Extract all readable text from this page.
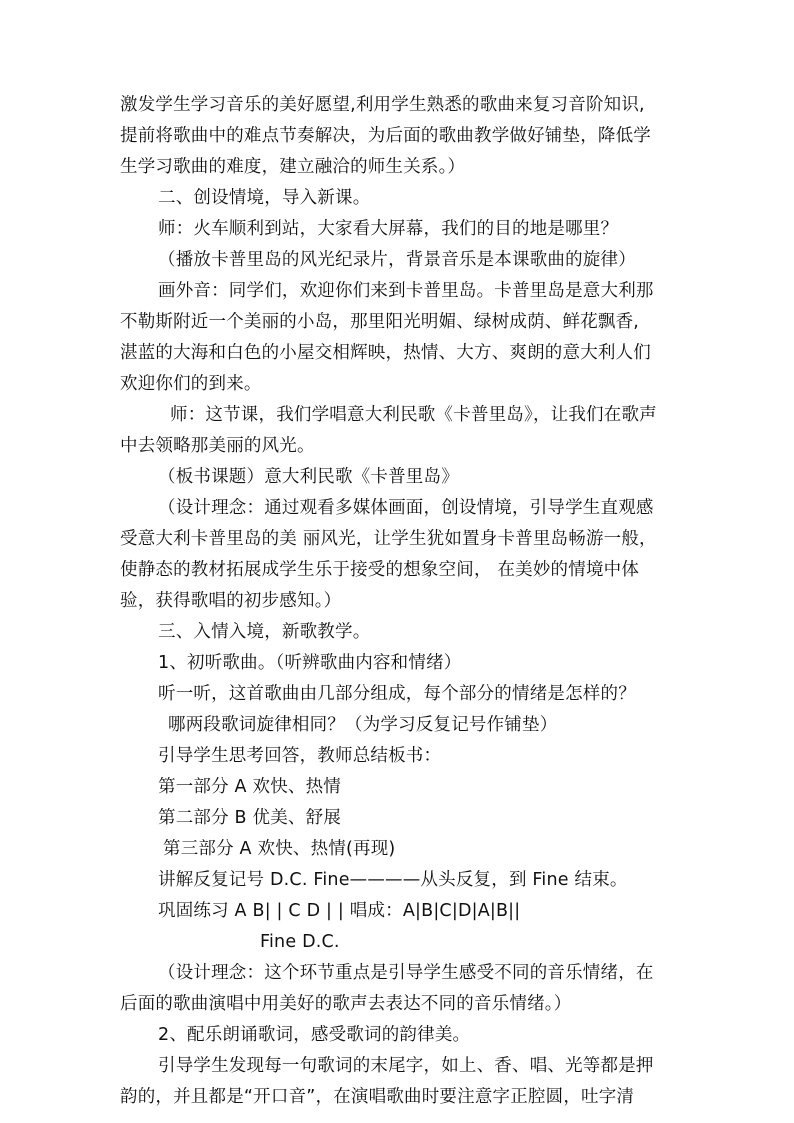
激发学生学习音乐的美好愿望,利用学生熟悉的歌曲来复习音阶知识,
提前将歌曲中的难点节奏解决，为后面的歌曲教学做好铺垫，降低学
生学习歌曲的难度，建立融洽的师生关系。）
二、创设情境，导入新课。
师：火车顺利到站，大家看大屏幕，我们的目的地是哪里？
（播放卡普里岛的风光纪录片，背景音乐是本课歌曲的旋律）
画外音：同学们，欢迎你们来到卡普里岛。卡普里岛是意大利那
不勒斯附近一个美丽的小岛，那里阳光明媚、绿树成荫、鲜花飘香,
湛蓝的大海和白色的小屋交相辉映，热情、大方、爽朗的意大利人们
欢迎你们的到来。
师：这节课，我们学唱意大利民歌《卡普里岛》，让我们在歌声
中去领略那美丽的风光。
（板书课题）意大利民歌《卡普里岛》
（设计理念：通过观看多媒体画面，创设情境，引导学生直观感
受意大利卡普里岛的美 丽风光，让学生犹如置身卡普里岛畅游一般，
使静态的教材拓展成学生乐于接受的想象空间， 在美妙的情境中体
验，获得歌唱的初步感知。）
三、入情入境，新歌教学。
1、初听歌曲。（听辨歌曲内容和情绪）
听一听，这首歌曲由几部分组成，每个部分的情绪是怎样的？
哪两段歌词旋律相同？（为学习反复记号作铺垫）
引导学生思考回答，教师总结板书：
第一部分 A 欢快、热情
第二部分 B 优美、舒展
第三部分 A 欢快、热情(再现)
讲解反复记号 D.C. Fine————从头反复，到 Fine 结束。
巩固练习 A B| | C D | | 唱成：A|B|C|D|A|B||
Fine D.C.
（设计理念：这个环节重点是引导学生感受不同的音乐情绪，在
后面的歌曲演唱中用美好的歌声去表达不同的音乐情绪。）
2、配乐朗诵歌词，感受歌词的韵律美。
引导学生发现每一句歌词的末尾字，如上、香、唱、光等都是押
韵的，并且都是“开口音”，在演唱歌曲时要注意字正腔圆，吐字清
